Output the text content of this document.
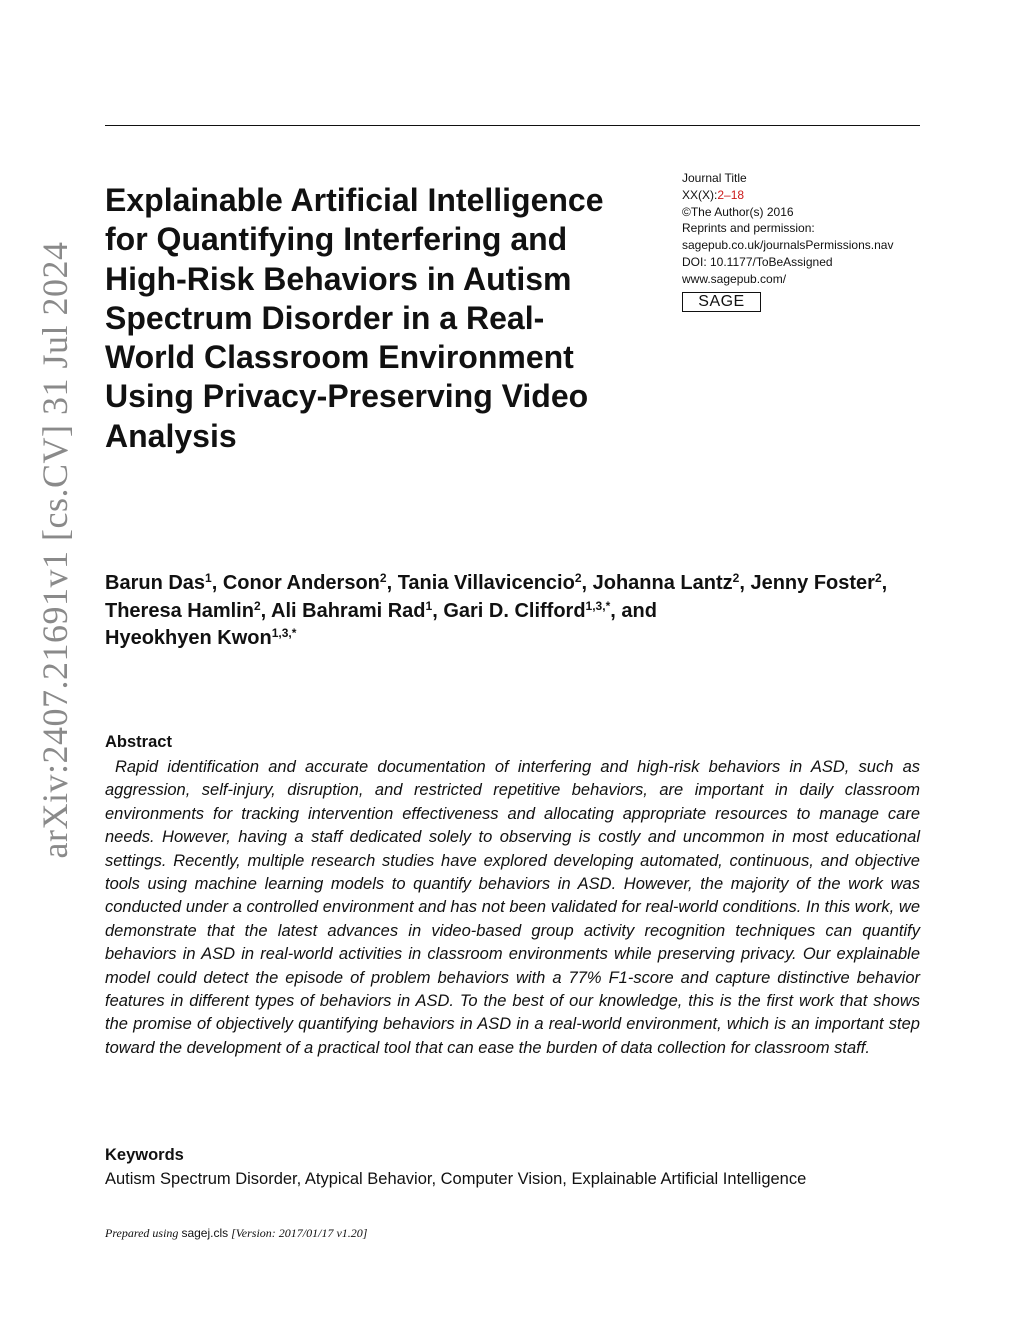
arXiv:2407.21691v1 [cs.CV] 31 Jul 2024
Explainable Artificial Intelligence for Quantifying Interfering and High-Risk Behaviors in Autism Spectrum Disorder in a Real-World Classroom Environment Using Privacy-Preserving Video Analysis
Journal Title
XX(X):2–18
©The Author(s) 2016
Reprints and permission:
sagepub.co.uk/journalsPermissions.nav
DOI: 10.1177/ToBeAssigned
www.sagepub.com/
SAGE
Barun Das$^1$, Conor Anderson$^2$, Tania Villavicencio$^2$, Johanna Lantz$^2$, Jenny Foster$^2$, Theresa Hamlin$^2$, Ali Bahrami Rad$^1$, Gari D. Clifford$^{1,3,*}$, and
Hyeokhyen Kwon$^{1,3,*}$
Abstract

Rapid identification and accurate documentation of interfering and high-risk behaviors in ASD, such as aggression, self-injury, disruption, and restricted repetitive behaviors, are important in daily classroom environments for tracking intervention effectiveness and allocating appropriate resources to manage care needs. However, having a staff dedicated solely to observing is costly and uncommon in most educational settings. Recently, multiple research studies have explored developing automated, continuous, and objective tools using machine learning models to quantify behaviors in ASD. However, the majority of the work was conducted under a controlled environment and has not been validated for real-world conditions. In this work, we demonstrate that the latest advances in video-based group activity recognition techniques can quantify behaviors in ASD in real-world activities in classroom environments while preserving privacy. Our explainable model could detect the episode of problem behaviors with a 77% F1-score and capture distinctive behavior features in different types of behaviors in ASD. To the best of our knowledge, this is the first work that shows the promise of objectively quantifying behaviors in ASD in a real-world environment, which is an important step toward the development of a practical tool that can ease the burden of data collection for classroom staff.

Keywords
Autism Spectrum Disorder, Atypical Behavior, Computer Vision, Explainable Artificial Intelligence
Prepared using sagej.cls [Version: 2017/01/17 v1.20]
